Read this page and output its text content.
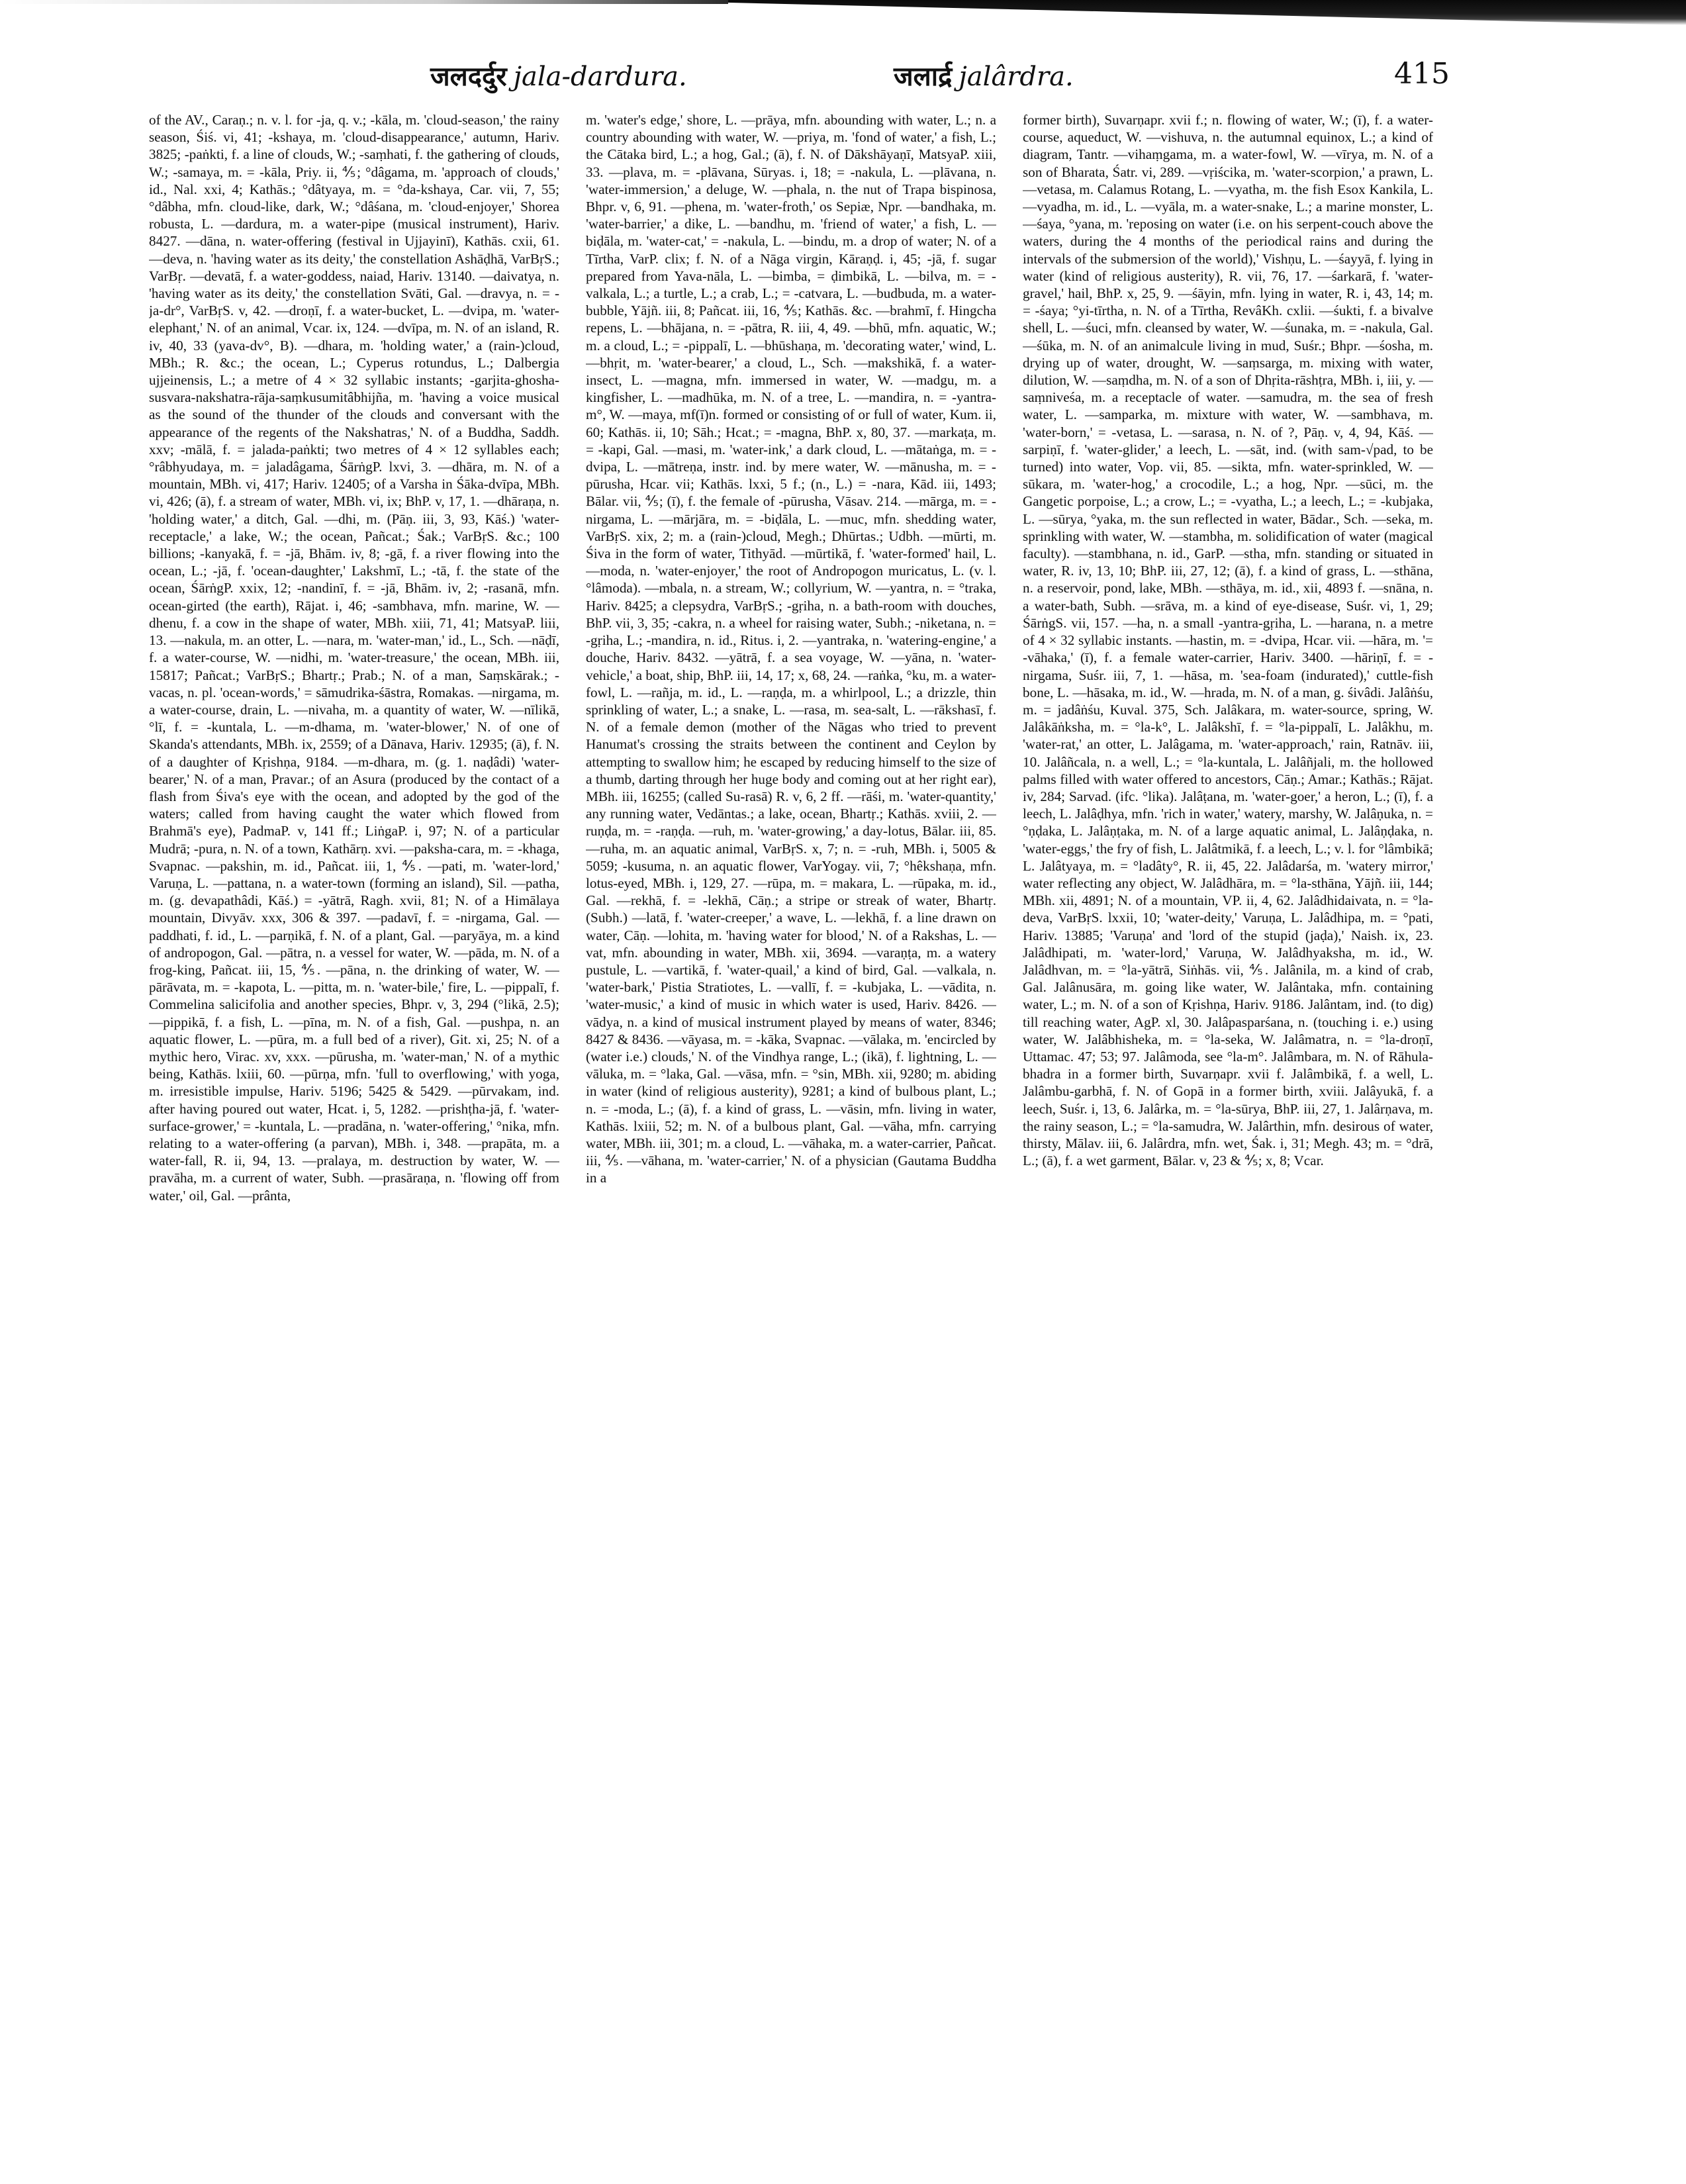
जलदर्दुर jala-dardura.	जलार्द्र jalârdra.	415

of the AV., Caraṇ.; n. v. l. for -ja, q. v.; -kāla, m. 'cloud-season,' the rainy season, Śiś. vi, 41; -kshaya, m. 'cloud-disappearance,' autumn, Hariv. 3825; -paṅkti, f. a line of clouds, W.; -saṃhati, f. the gathering of clouds, W.; -samaya, m. = -kāla, Priy. ii, ⅘; °dâgama, m. 'approach of clouds,' id., Nal. xxi, 4; Kathās.; °dâtyaya, m. = °da-kshaya, Car. vii, 7, 55; °dâbha, mfn. cloud-like, dark, W.; °dâśana, m. 'cloud-enjoyer,' Shorea robusta, L. —dardura, m. a water-pipe (musical instrument), Hariv. 8427. —dāna, n. water-offering (festival in Ujjayinī), Kathās. cxii, 61. —deva, n. 'having water as its deity,' the constellation Ashāḍhā, VarBṛS.; VarBṛ. —devatā, f. a water-goddess, naiad, Hariv. 13140. —daivatya, n. 'having water as its deity,' the constellation Svāti, Gal. —dravya, n. = -ja-dr°, VarBṛS. v, 42. —droṇī, f. a water-bucket, L. —dvipa, m. 'water-elephant,' N. of an animal, Vcar. ix, 124. —dvīpa, m. N. of an island, R. iv, 40, 33 (yava-dv°, B). —dhara, m. 'holding water,' a (rain-)cloud, MBh.; R. &c.; the ocean, L.; Cyperus rotundus, L.; Dalbergia ujjeinensis, L.; a metre of 4 × 32 syllabic instants; -garjita-ghosha-susvara-nakshatra-rāja-saṃkusumitâbhijña, m. 'having a voice musical as the sound of the thunder of the clouds and conversant with the appearance of the regents of the Nakshatras,' N. of a Buddha, Saddh. xxv; -mālā, f. = jalada-paṅkti; two metres of 4 × 12 syllables each; °râbhyudaya, m. = jaladâgama, ŚārṅgP. lxvi, 3. —dhāra, m. N. of a mountain, MBh. vi, 417; Hariv. 12405; of a Varsha in Śāka-dvīpa, MBh. vi, 426; (ā), f. a stream of water, MBh. vi, ix; BhP. v, 17, 1. —dhāraṇa, n. 'holding water,' a ditch, Gal. —dhi, m. (Pāṇ. iii, 3, 93, Kāś.) 'water-receptacle,' a lake, W.; the ocean, Pañcat.; Śak.; VarBṛS. &c.; 100 billions; -kanyakā, f. = -jā, Bhām. iv, 8; -gā, f. a river flowing into the ocean, L.; -jā, f. 'ocean-daughter,' Lakshmī, L.; -tā, f. the state of the ocean, ŚārṅgP. xxix, 12; -nandinī, f. = -jā, Bhām. iv, 2; -rasanā, mfn. ocean-girted (the earth), Rājat. i, 46; -sambhava, mfn. marine, W. —dhenu, f. a cow in the shape of water, MBh. xiii, 71, 41; MatsyaP. liii, 13. —nakula, m. an otter, L. —nara, m. 'water-man,' id., L., Sch. —nāḍī, f. a water-course, W. —nidhi, m. 'water-treasure,' the ocean, MBh. iii, 15817; Pañcat.; VarBṛS.; Bhartṛ.; Prab.; N. of a man, Saṃskārak.; -vacas, n. pl. 'ocean-words,' = sāmudrika-śāstra, Romakas. —nirgama, m. a water-course, drain, L. —nivaha, m. a quantity of water, W. —nīlikā, °lī, f. = -kuntala, L. —m-dhama, m. 'water-blower,' N. of one of Skanda's attendants, MBh. ix, 2559; of a Dānava, Hariv. 12935; (ā), f. N. of a daughter of Kṛishṇa, 9184. —m-dhara, m. (g. 1. naḍâdi) 'water-bearer,' N. of a man, Pravar.; of an Asura (produced by the contact of a flash from Śiva's eye with the ocean, and adopted by the god of the waters; called from having caught the water which flowed from Brahmā's eye), PadmaP. v, 141 ff.; LiṅgaP. i, 97; N. of a particular Mudrā; -pura, n. N. of a town, Kathārṇ. xvi. —paksha-cara, m. = -khaga, Svapnac. —pakshin, m. id., Pañcat. iii, 1, ⅘. —pati, m. 'water-lord,' Varuṇa, L. —pattana, n. a water-town (forming an island), Sil. —patha, m. (g. devapathâdi, Kāś.) = -yātrā, Ragh. xvii, 81; N. of a Himālaya mountain, Divyāv. xxx, 306 & 397. —padavī, f. = -nirgama, Gal. —paddhati, f. id., L. —parṇikā, f. N. of a plant, Gal. —paryāya, m. a kind of andropogon, Gal. —pātra, n. a vessel for water, W. —pāda, m. N. of a frog-king, Pañcat. iii, 15, ⅘. —pāna, n. the drinking of water, W. —pārāvata, m. = -kapota, L. —pitta, m. n. 'water-bile,' fire, L. —pippalī, f. Commelina salicifolia and another species, Bhpr. v, 3, 294 (°likā, 2.5); —pippikā, f. a fish, L. —pīna, m. N. of a fish, Gal. —pushpa, n. an aquatic flower, L. —pūra, m. a full bed of a river), Git. xi, 25; N. of a mythic hero, Virac. xv, xxx. —pūrusha, m. 'water-man,' N. of a mythic being, Kathās. lxiii, 60. —pūrṇa, mfn. 'full to overflowing,' with yoga, m. irresistible impulse, Hariv. 5196; 5425 & 5429. —pūrvakam, ind. after having poured out water, Hcat. i, 5, 1282. —prishṭha-jā, f. 'water-surface-grower,' = -kuntala, L. —pradāna, n. 'water-offering,' °nika, mfn. relating to a water-offering (a parvan), MBh. i, 348. —prapāta, m. a water-fall, R. ii, 94, 13. —pralaya, m. destruction by water, W. —pravāha, m. a current of water, Subh. —prasāraṇa, n. 'flowing off from water,' oil, Gal. —prânta,

m. 'water's edge,' shore, L. —prāya, mfn. abounding with water, L.; n. a country abounding with water, W. —priya, m. 'fond of water,' a fish, L.; the Cātaka bird, L.; a hog, Gal.; (ā), f. N. of Dākshāyaṇī, MatsyaP. xiii, 33. —plava, m. = -plāvana, Sūryas. i, 18; = -nakula, L. —plāvana, n. 'water-immersion,' a deluge, W. —phala, n. the nut of Trapa bispinosa, Bhpr. v, 6, 91. —phena, m. 'water-froth,' os Sepiæ, Npr. —bandhaka, m. 'water-barrier,' a dike, L. —bandhu, m. 'friend of water,' a fish, L. —biḍāla, m. 'water-cat,' = -nakula, L. —bindu, m. a drop of water; N. of a Tīrtha, VarP. clix; f. N. of a Nāga virgin, Kāraṇḍ. i, 45; -jā, f. sugar prepared from Yava-nāla, L. —bimba, = ḍimbikā, L. —bilva, m. = -valkala, L.; a turtle, L.; a crab, L.; = -catvara, L. —budbuda, m. a water-bubble, Yājñ. iii, 8; Pañcat. iii, 16, ⅘; Kathās. &c. —brahmī, f. Hingcha repens, L. —bhājana, n. = -pātra, R. iii, 4, 49. —bhū, mfn. aquatic, W.; m. a cloud, L.; = -pippalī, L. —bhūshaṇa, m. 'decorating water,' wind, L. —bhṛit, m. 'water-bearer,' a cloud, L., Sch. —makshikā, f. a water-insect, L. —magna, mfn. immersed in water, W. —madgu, m. a kingfisher, L. —madhūka, m. N. of a tree, L. —mandira, n. = -yantra-m°, W. —maya, mf(ī)n. formed or consisting of or full of water, Kum. ii, 60; Kathās. ii, 10; Sāh.; Hcat.; = -magna, BhP. x, 80, 37. —markaṭa, m. = -kapi, Gal. —masi, m. 'water-ink,' a dark cloud, L. —mātaṅga, m. = -dvipa, L. —mātreṇa, instr. ind. by mere water, W. —mānusha, m. = -pūrusha, Hcar. vii; Kathās. lxxi, 5 f.; (n., L.) = -nara, Kād. iii, 1493; Bālar. vii, ⅘; (ī), f. the female of -pūrusha, Vāsav. 214. —mārga, m. = -nirgama, L. —mārjāra, m. = -biḍāla, L. —muc, mfn. shedding water, VarBṛS. xix, 2; m. a (rain-)cloud, Megh.; Dhūrtas.; Udbh. —mūrti, m. Śiva in the form of water, Tithyād. —mūrtikā, f. 'water-formed' hail, L. —moda, n. 'water-enjoyer,' the root of Andropogon muricatus, L. (v. l. °lâmoda). —mbala, n. a stream, W.; collyrium, W. —yantra, n. = °traka, Hariv. 8425; a clepsydra, VarBṛS.; -gṛiha, n. a bath-room with douches, BhP. vii, 3, 35; -cakra, n. a wheel for raising water, Subh.; -niketana, n. = -gṛiha, L.; -mandira, n. id., Ritus. i, 2. —yantraka, n. 'watering-engine,' a douche, Hariv. 8432. —yātrā, f. a sea voyage, W. —yāna, n. 'water-vehicle,' a boat, ship, BhP. iii, 14, 17; x, 68, 24. —raṅka, °ku, m. a water-fowl, L. —rañja, m. id., L. —raṇḍa, m. a whirlpool, L.; a drizzle, thin sprinkling of water, L.; a snake, L. —rasa, m. sea-salt, L. —rākshasī, f. N. of a female demon (mother of the Nāgas who tried to prevent Hanumat's crossing the straits between the continent and Ceylon by attempting to swallow him; he escaped by reducing himself to the size of a thumb, darting through her huge body and coming out at her right ear), MBh. iii, 16255; (called Su-rasā) R. v, 6, 2 ff. —rāśi, m. 'water-quantity,' any running water, Vedāntas.; a lake, ocean, Bhartṛ.; Kathās. xviii, 2. —ruṇḍa, m. = -raṇḍa. —ruh, m. 'water-growing,' a day-lotus, Bālar. iii, 85. —ruha, m. an aquatic animal, VarBṛS. x, 7; n. = -ruh, MBh. i, 5005 & 5059; -kusuma, n. an aquatic flower, VarYogay. vii, 7; °hêkshaṇa, mfn. lotus-eyed, MBh. i, 129, 27. —rūpa, m. = makara, L. —rūpaka, m. id., Gal. —rekhā, f. = -lekhā, Cāṇ.; a stripe or streak of water, Bhartṛ. (Subh.) —latā, f. 'water-creeper,' a wave, L. —lekhā, f. a line drawn on water, Cāṇ. —lohita, m. 'having water for blood,' N. of a Rakshas, L. —vat, mfn. abounding in water, MBh. xii, 3694. —varaṇṭa, m. a watery pustule, L. —vartikā, f. 'water-quail,' a kind of bird, Gal. —valkala, n. 'water-bark,' Pistia Stratiotes, L. —vallī, f. = -kubjaka, L. —vādita, n. 'water-music,' a kind of music in which water is used, Hariv. 8426. —vādya, n. a kind of musical instrument played by means of water, 8346; 8427 & 8436. —vāyasa, m. = -kāka, Svapnac. —vālaka, m. 'encircled by (water i.e.) clouds,' N. of the Vindhya range, L.; (ikā), f. lightning, L. —vāluka, m. = °laka, Gal. —vāsa, mfn. = °sin, MBh. xii, 9280; m. abiding in water (kind of religious austerity), 9281; a kind of bulbous plant, L.; n. = -moda, L.; (ā), f. a kind of grass, L. —vāsin, mfn. living in water, Kathās. lxiii, 52; m. N. of a bulbous plant, Gal. —vāha, mfn. carrying water, MBh. iii, 301; m. a cloud, L. —vāhaka, m. a water-carrier, Pañcat. iii, ⅘. —vāhana, m. 'water-carrier,' N. of a physician (Gautama Buddha in a

former birth), Suvarṇapr. xvii f.; n. flowing of water, W.; (ī), f. a water-course, aqueduct, W. —vishuva, n. the autumnal equinox, L.; a kind of diagram, Tantr. —vihaṃgama, m. a water-fowl, W. —vīrya, m. N. of a son of Bharata, Śatr. vi, 289. —vṛiścika, m. 'water-scorpion,' a prawn, L. —vetasa, m. Calamus Rotang, L. —vyatha, m. the fish Esox Kankila, L. —vyadha, m. id., L. —vyāla, m. a water-snake, L.; a marine monster, L. —śaya, °yana, m. 'reposing on water (i.e. on his serpent-couch above the waters, during the 4 months of the periodical rains and during the intervals of the submersion of the world),' Vishṇu, L. —śayyā, f. lying in water (kind of religious austerity), R. vii, 76, 17. —śarkarā, f. 'water-gravel,' hail, BhP. x, 25, 9. —śāyin, mfn. lying in water, R. i, 43, 14; m. = -śaya; °yi-tīrtha, n. N. of a Tīrtha, RevâKh. cxlii. —śukti, f. a bivalve shell, L. —śuci, mfn. cleansed by water, W. —śunaka, m. = -nakula, Gal. —śūka, m. N. of an animalcule living in mud, Suśr.; Bhpr. —śosha, m. drying up of water, drought, W. —saṃsarga, m. mixing with water, dilution, W. —saṃdha, m. N. of a son of Dhṛita-rāshṭra, MBh. i, iii, y. —saṃniveśa, m. a receptacle of water. —samudra, m. the sea of fresh water, L. —samparka, m. mixture with water, W. —sambhava, m. 'water-born,' = -vetasa, L. —sarasa, n. N. of ?, Pāṇ. v, 4, 94, Kāś. —sarpiṇī, f. 'water-glider,' a leech, L. —sāt, ind. (with sam-√pad, to be turned) into water, Vop. vii, 85. —sikta, mfn. water-sprinkled, W. —sūkara, m. 'water-hog,' a crocodile, L.; a hog, Npr. —sūci, m. the Gangetic porpoise, L.; a crow, L.; = -vyatha, L.; a leech, L.; = -kubjaka, L. —sūrya, °yaka, m. the sun reflected in water, Bādar., Sch. —seka, m. sprinkling with water, W. —stambha, m. solidification of water (magical faculty). —stambhana, n. id., GarP. —stha, mfn. standing or situated in water, R. iv, 13, 10; BhP. iii, 27, 12; (ā), f. a kind of grass, L. —sthāna, n. a reservoir, pond, lake, MBh. —sthāya, m. id., xii, 4893 f. —snāna, n. a water-bath, Subh. —srāva, m. a kind of eye-disease, Suśr. vi, 1, 29; ŚārṅgS. vii, 157. —ha, n. a small -yantra-gṛiha, L. —harana, n. a metre of 4 × 32 syllabic instants. —hastin, m. = -dvipa, Hcar. vii. —hāra, m. '= -vāhaka,' (ī), f. a female water-carrier, Hariv. 3400. —hāriṇī, f. = -nirgama, Suśr. iii, 7, 1. —hāsa, m. 'sea-foam (indurated),' cuttle-fish bone, L. —hāsaka, m. id., W. —hrada, m. N. of a man, g. śivâdi. Jalâṅśu, m. = jadâṅśu, Kuval. 375, Sch. Jalâkara, m. water-source, spring, W. Jalâkāṅksha, m. = °la-k°, L. Jalâkshī, f. = °la-pippalī, L. Jalâkhu, m. 'water-rat,' an otter, L. Jalâgama, m. 'water-approach,' rain, Ratnāv. iii, 10. Jalâñcala, n. a well, L.; = °la-kuntala, L. Jalâñjali, m. the hollowed palms filled with water offered to ancestors, Cāṇ.; Amar.; Kathās.; Rājat. iv, 284; Sarvad. (ifc. °lika). Jalâṭana, m. 'water-goer,' a heron, L.; (ī), f. a leech, L. Jalâḍhya, mfn. 'rich in water,' watery, marshy, W. Jalâṇuka, n. = °ṇḍaka, L. Jalâṇṭaka, m. N. of a large aquatic animal, L. Jalâṇḍaka, n. 'water-eggs,' the fry of fish, L. Jalâtmikā, f. a leech, L.; v. l. for °lâmbikā; L. Jalâtyaya, m. = °ladâty°, R. ii, 45, 22. Jalâdarśa, m. 'watery mirror,' water reflecting any object, W. Jalâdhāra, m. = °la-sthāna, Yājñ. iii, 144; MBh. xii, 4891; N. of a mountain, VP. ii, 4, 62. Jalâdhidaivata, n. = °la-deva, VarBṛS. lxxii, 10; 'water-deity,' Varuṇa, L. Jalâdhipa, m. = °pati, Hariv. 13885; 'Varuṇa' and 'lord of the stupid (jaḍa),' Naish. ix, 23. Jalâdhipati, m. 'water-lord,' Varuṇa, W. Jalâdhyaksha, m. id., W. Jalâdhvan, m. = °la-yātrā, Siṅhās. vii, ⅘. Jalânila, m. a kind of crab, Gal. Jalânusāra, m. going like water, W. Jalântaka, mfn. containing water, L.; m. N. of a son of Kṛishṇa, Hariv. 9186. Jalântam, ind. (to dig) till reaching water, AgP. xl, 30. Jalâpasparśana, n. (touching i. e.) using water, W. Jalâbhisheka, m. = °la-seka, W. Jalâmatra, n. = °la-droṇī, Uttamac. 47; 53; 97. Jalâmoda, see °la-m°. Jalâmbara, m. N. of Rāhula-bhadra in a former birth, Suvarṇapr. xvii f. Jalâmbikā, f. a well, L. Jalâmbu-garbhā, f. N. of Gopā in a former birth, xviii. Jalâyukā, f. a leech, Suśr. i, 13, 6. Jalârka, m. = °la-sūrya, BhP. iii, 27, 1. Jalârṇava, m. the rainy season, L.; = °la-samudra, W. Jalârthin, mfn. desirous of water, thirsty, Mālav. iii, 6. Jalârdra, mfn. wet, Śak. i, 31; Megh. 43; m. = °drā, L.; (ā), f. a wet garment, Bālar. v, 23 & ⅘; x, 8; Vcar.
